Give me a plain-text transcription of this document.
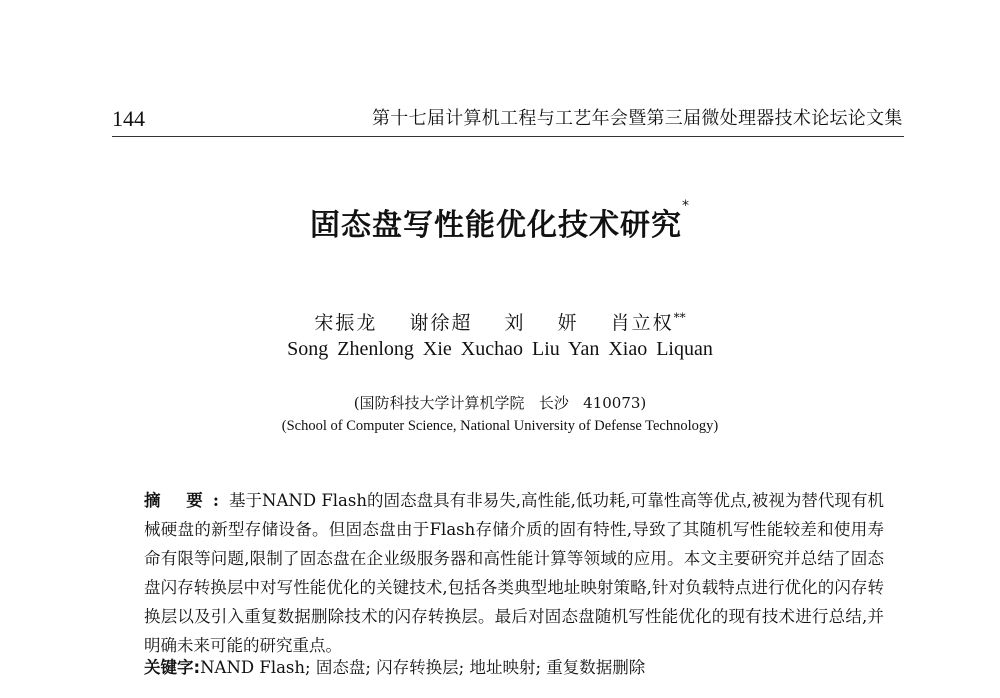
144	第十七届计算机工程与工艺年会暨第三届微处理器技术论坛论文集
固态盘写性能优化技术研究*
宋振龙 谢徐超 刘 妍 肖立权**
Song Zhenlong Xie Xuchao Liu Yan Xiao Liquan
(国防科技大学计算机学院   长沙   410073)
(School of Computer Science, National University of Defense Technology)
摘 要:基于NAND Flash的固态盘具有非易失,高性能,低功耗,可靠性高等优点,被视为替代现有机械硬盘的新型存储设备。但固态盘由于Flash存储介质的固有特性,导致了其随机写性能较差和使用寿命有限等问题,限制了固态盘在企业级服务器和高性能计算等领域的应用。本文主要研究并总结了固态盘闪存转换层中对写性能优化的关键技术,包括各类典型地址映射策略,针对负载特点进行优化的闪存转换层以及引入重复数据删除技术的闪存转换层。最后对固态盘随机写性能优化的现有技术进行总结,并明确未来可能的研究重点。
关键字:NAND Flash; 固态盘; 闪存转换层; 地址映射; 重复数据删除
